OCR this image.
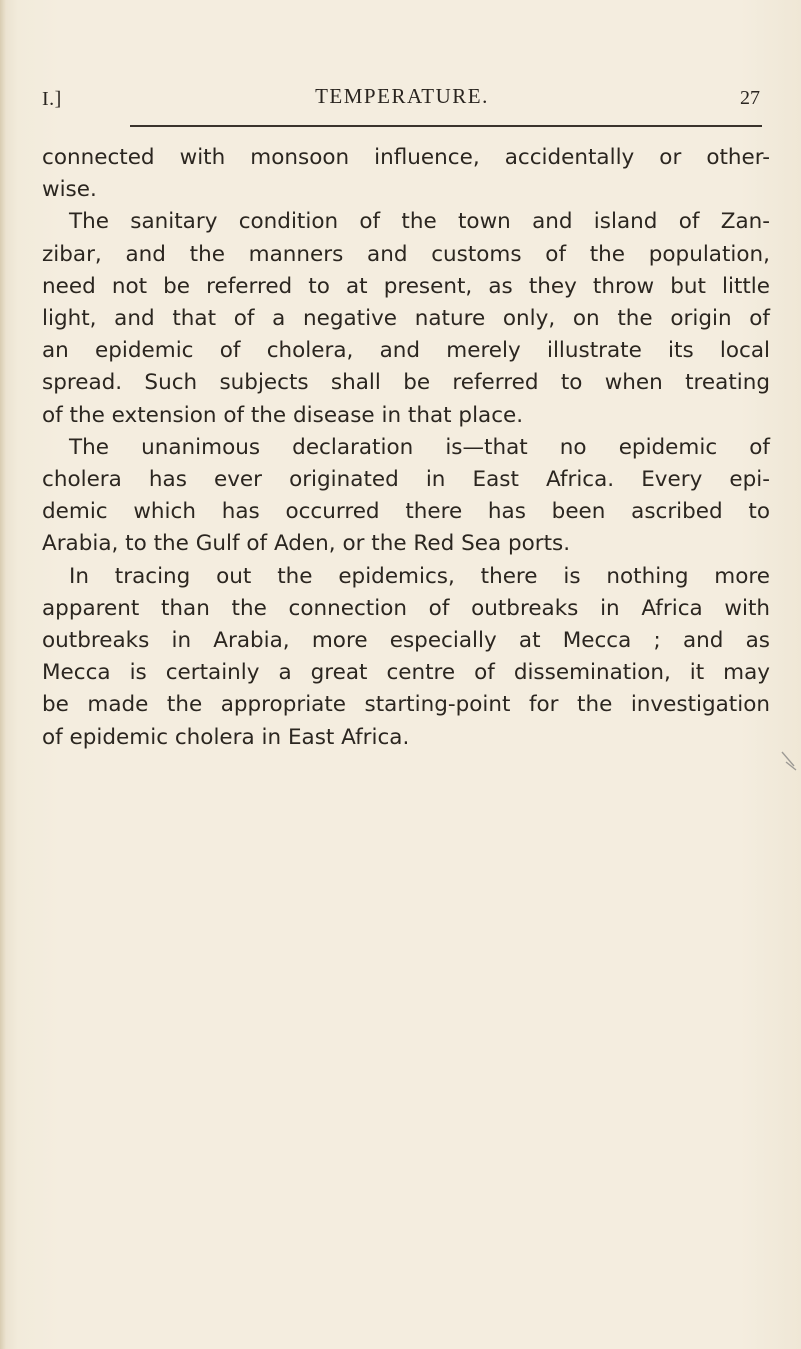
I.]	TEMPERATURE.	27
connected with monsoon influence, accidentally or other-
wise.
The sanitary condition of the town and island of Zan-
zibar, and the manners and customs of the population,
need not be referred to at present, as they throw but little
light, and that of a negative nature only, on the origin of
an epidemic of cholera, and merely illustrate its local
spread. Such subjects shall be referred to when treating
of the extension of the disease in that place.
The unanimous declaration is—that no epidemic of
cholera has ever originated in East Africa. Every epi-
demic which has occurred there has been ascribed to
Arabia, to the Gulf of Aden, or the Red Sea ports.
In tracing out the epidemics, there is nothing more
apparent than the connection of outbreaks in Africa with
outbreaks in Arabia, more especially at Mecca ; and as
Mecca is certainly a great centre of dissemination, it may
be made the appropriate starting-point for the investigation
of epidemic cholera in East Africa.
